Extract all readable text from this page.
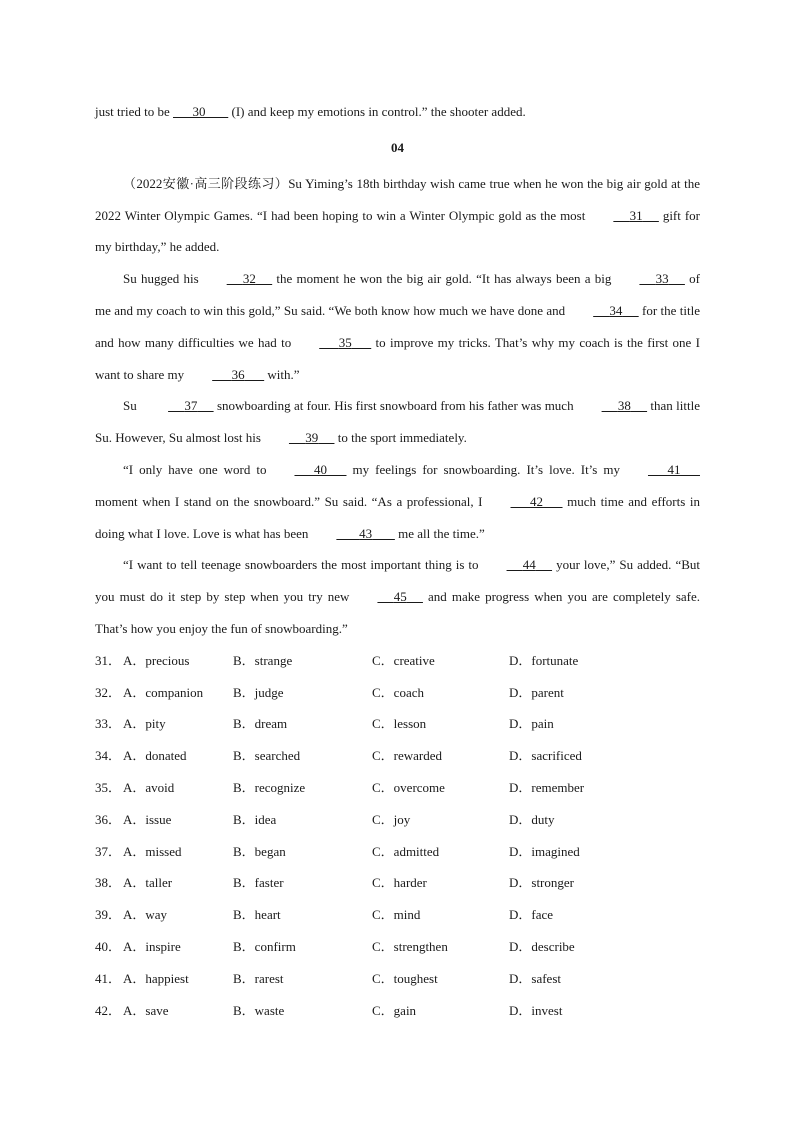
just tried to be       30        (I) and keep my emotions in control.” the shooter added.

04

（2022安徽·高三阶段练习）Su Yiming’s 18th birthday wish came true when he won the big air gold at the 2022 Winter Olympic Games. “I had been hoping to win a Winter Olympic gold as the most	31      gift for my birthday,” he added.

Su hugged his	32      the moment he won the big air gold. “It has always been a big	33 of me and my coach to win this gold,” Su said. “We both know how much we have done and	34      for the title and how many difficulties we had to	35       to improve my tricks. That’s why my coach is the first one I want to share my	36       with.”

Su	37      snowboarding at four. His first snowboard from his father was much	38      than little Su. However, Su almost lost his	39      to the sport immediately.

“I only have one word to	40       my feelings for snowboarding. It’s love. It’s my	41       moment when I stand on the snowboard.” Su said. “As a professional, I	42       much time and efforts in doing what I love. Love is what has been	43        me all the time.”

“I want to tell teenage snowboarders the most important thing is to	44      your love,” Su added. “But you must do it step by step when you try new	45      and make progress when you are completely safe. That’s how you enjoy the fun of snowboarding.”

31． A．precious	B．strange	C．creative	D．fortunate
32． A．companion B．judge	C．coach	D．parent
33． A．pity	B．dream	C．lesson	D．pain
34． A．donated	B．searched	C．rewarded	D．sacrificed
35． A．avoid	B．recognize	C．overcome	D．remember
36． A．issue	B．idea	C．joy	D．duty
37． A．missed	B．began	C．admitted	D．imagined
38． A．taller	B．faster	C．harder	D．stronger
39． A．way	B．heart	C．mind	D．face
40． A．inspire	B．confirm	C．strengthen	D．describe
41． A．happiest	B．rarest	C．toughest	D．safest
42． A．save	B．waste	C．gain	D．invest
